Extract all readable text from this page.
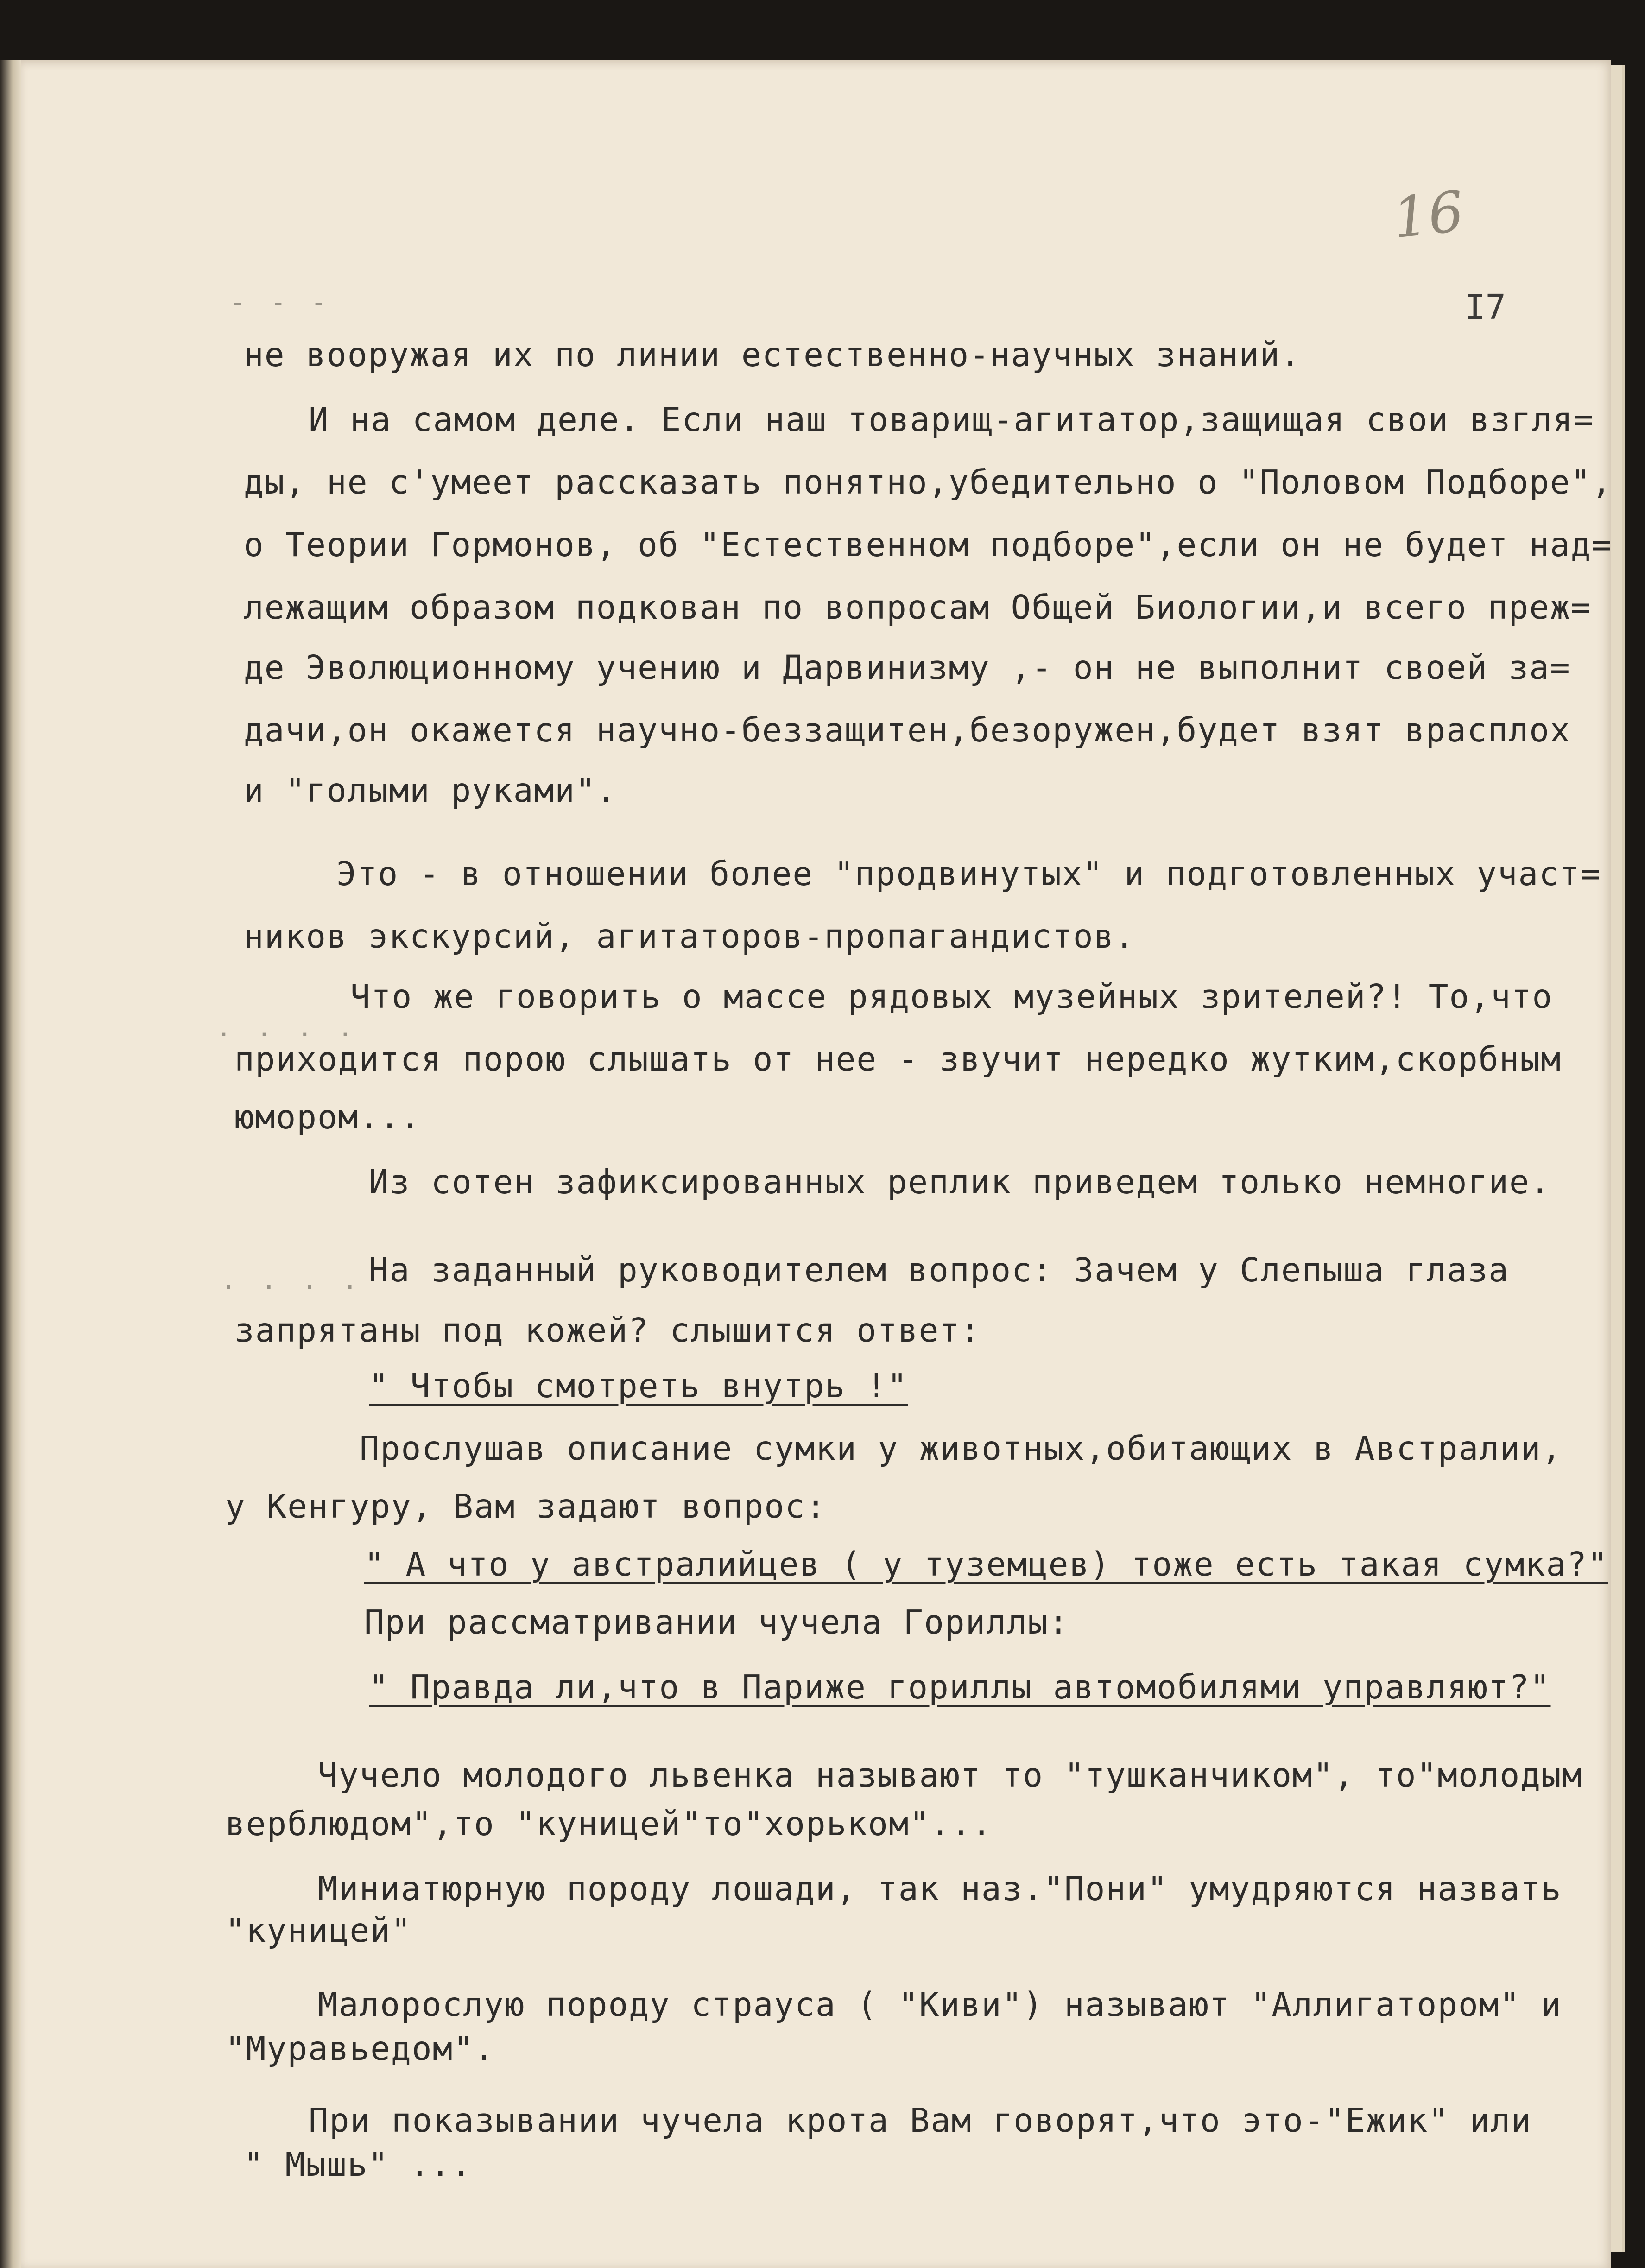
16
I7
- - -
. . . .
. . . .
не вооружая их по линии естественно-научных знаний.
И на самом деле. Если наш товарищ-агитатор,защищая свои взгля=
ды, не с'умеет рассказать понятно,убедительно о "Половом Подборе",
о Теории Гормонов, об "Естественном подборе",если он не будет над=
лежащим образом подкован по вопросам Общей Биологии,и всего преж=
де Эволюционному учению и Дарвинизму ,- он не выполнит своей за=
дачи,он окажется научно-беззащитен,безоружен,будет взят врасплох
и "голыми руками".
Это - в отношении более "продвинутых" и подготовленных участ=
ников экскурсий, агитаторов-пропагандистов.
Что же говорить о массе рядовых музейных зрителей?! То,что
приходится порою слышать от нее - звучит нередко жутким,скорбным
юмором...
Из сотен зафиксированных реплик приведем только немногие.
На заданный руководителем вопрос: Зачем у Слепыша глаза
запрятаны под кожей? слышится ответ:
" Чтобы смотреть внутрь !"
Прослушав описание сумки у животных,обитающих в Австралии,
у Кенгуру, Вам задают вопрос:
" А что у австралийцев ( у туземцев) тоже есть такая сумка?"
При рассматривании чучела Гориллы:
" Правда ли,что в Париже гориллы автомобилями управляют?"
Чучело молодого львенка называют то "тушканчиком", то"молодым
верблюдом",то "куницей"то"хорьком"...
Миниатюрную породу лошади, так наз."Пони" умудряются назвать
"куницей"
Малорослую породу страуса ( "Киви") называют "Аллигатором" и
"Муравьедом".
При показывании чучела крота Вам говорят,что это-"Ежик" или
" Мышь" ...
